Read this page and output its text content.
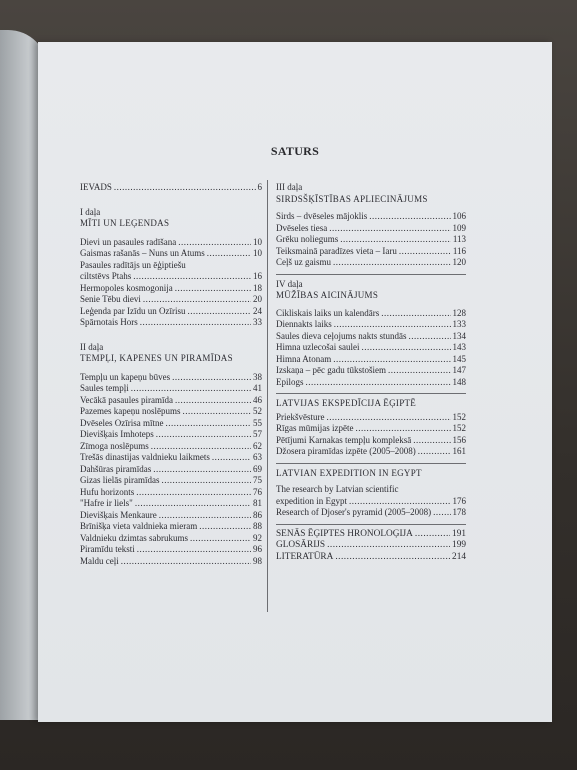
SATURS
IEVADS .....	6
I daļa
MĪTI UN LEĢENDAS
Dievi un pasaules radīšana .....	10
Gaismas rašanās – Nuns un Atums .....	10
Pasaules radītājs un ēģiptiešu
ciltstēvs Ptahs .....	16
Hermopoles kosmogonija .....	18
Senie Tēbu dievi .....	20
Leģenda par Izīdu un Ozīrisu .....	24
Spārnotais Hors .....	33
II daļa
TEMPĻI, KAPENES UN PIRAMĪDAS
Tempļu un kapeņu būves .....	38
Saules tempļi .....	41
Vecākā pasaules piramīda .....	46
Pazemes kapeņu noslēpums .....	52
Dvēseles Ozīrisa mītne .....	55
Dievišķais Imhoteps .....	57
Zīmoga noslēpums .....	62
Trešās dinastijas valdnieku laikmets .....	63
Dahšūras piramīdas .....	69
Gizas lielās piramīdas .....	75
Hufu horizonts .....	76
"Hafre ir liels" .....	81
Dievišķais Menkaure .....	86
Brīnišķa vieta valdnieka mieram .....	88
Valdnieku dzimtas sabrukums .....	92
Piramīdu teksti .....	96
Maldu ceļi .....	98
III daļa
SIRDSŠĶĪSTĪBAS APLIECINĀJUMS
Sirds – dvēseles mājoklis .....	106
Dvēseles tiesa .....	109
Grēku noliegums .....	113
Teiksmainā paradīzes vieta – Iaru .....	116
Ceļš uz gaismu .....	120
IV daļa
MŪŽĪBAS AICINĀJUMS
Cikliskais laiks un kalendārs .....	128
Diennakts laiks .....	133
Saules dieva ceļojums nakts stundās .....	134
Himna uzlecošai saulei .....	143
Himna Atonam .....	145
Izskaņa – pēc gadu tūkstošiem .....	147
Epilogs .....	148
LATVIJAS EKSPEDĪCIJA ĒĢIPTĒ
Priekšvēsture .....	152
Rīgas mūmijas izpēte .....	152
Pētījumi Karnakas tempļu kompleksā .....	156
Džosera piramīdas izpēte (2005–2008) .....	161
LATVIAN EXPEDITION IN EGYPT
The research by Latvian scientific
expedition in Egypt .....	176
Research of Djoser's pyramid (2005–2008) ..... 178
SENĀS ĒĢIPTES HRONOLOĢIJA .....	191
GLOSĀRIJS .....	199
LITERATŪRA .....	214
